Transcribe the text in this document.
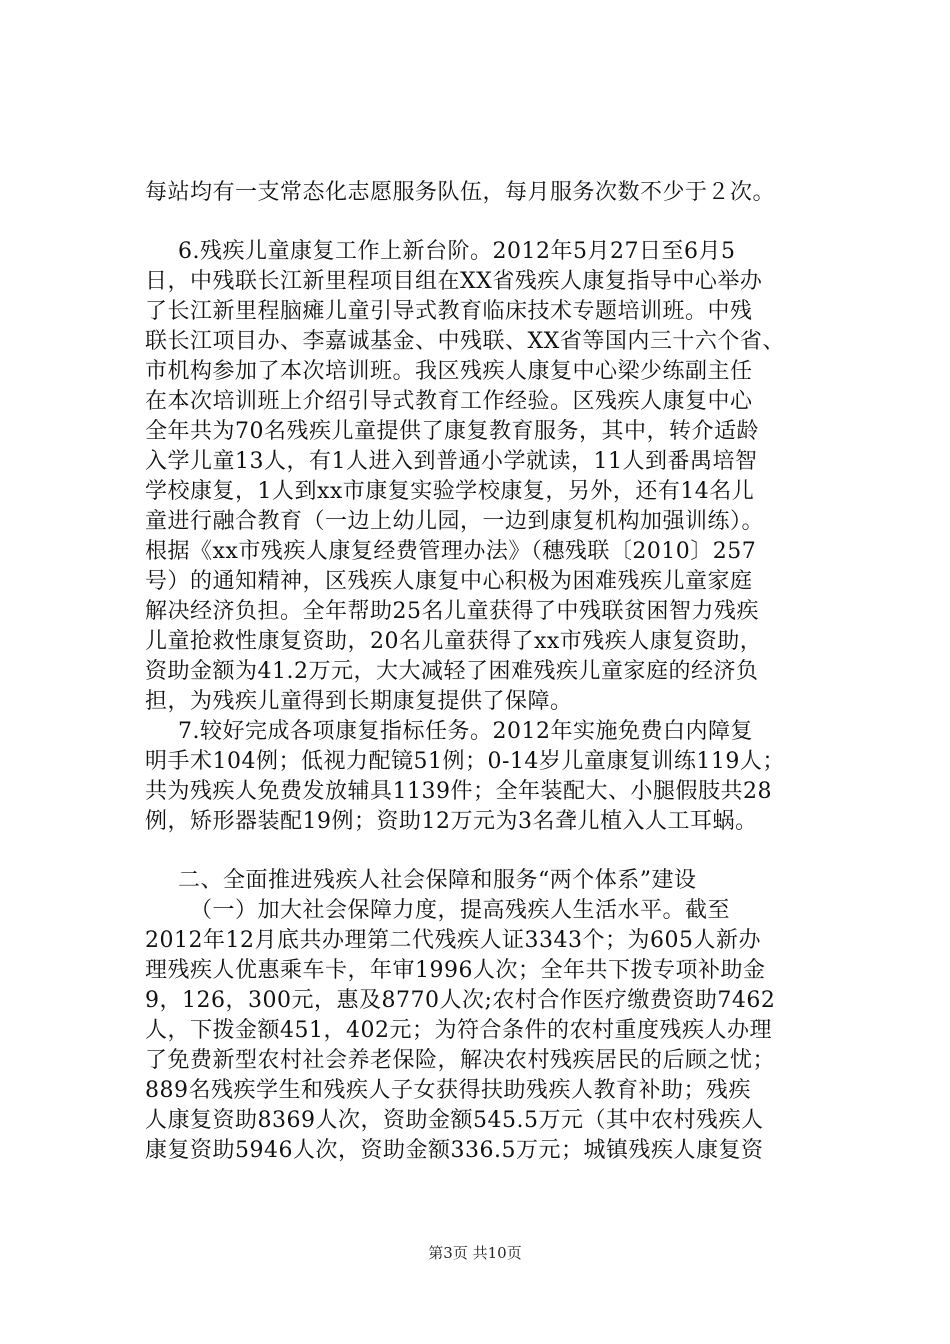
每站均有一支常态化志愿服务队伍，每月服务次数不少于２次。
6.残疾儿童康复工作上新台阶。2012年5月27日至6月5
日，中残联长江新里程项目组在XX省残疾人康复指导中心举办
了长江新里程脑瘫儿童引导式教育临床技术专题培训班。中残
联长江项目办、李嘉诚基金、中残联、XX省等国内三十六个省、
市机构参加了本次培训班。我区残疾人康复中心梁少练副主任
在本次培训班上介绍引导式教育工作经验。区残疾人康复中心
全年共为70名残疾儿童提供了康复教育服务，其中，转介适龄
入学儿童13人，有1人进入到普通小学就读，11人到番禺培智
学校康复，1人到xx市康复实验学校康复，另外，还有14名儿
童进行融合教育（一边上幼儿园，一边到康复机构加强训练）。
根据《xx市残疾人康复经费管理办法》（穗残联〔2010〕257
号）的通知精神，区残疾人康复中心积极为困难残疾儿童家庭
解决经济负担。全年帮助25名儿童获得了中残联贫困智力残疾
儿童抢救性康复资助，20名儿童获得了xx市残疾人康复资助，
资助金额为41.2万元，大大减轻了困难残疾儿童家庭的经济负
担，为残疾儿童得到长期康复提供了保障。
7.较好完成各项康复指标任务。2012年实施免费白内障复
明手术104例；低视力配镜51例；0-14岁儿童康复训练119人；
共为残疾人免费发放辅具1139件；全年装配大、小腿假肢共28
例，矫形器装配19例；资助12万元为3名聋儿植入人工耳蜗。
二、全面推进残疾人社会保障和服务“两个体系”建设
（一）加大社会保障力度，提高残疾人生活水平。截至
2012年12月底共办理第二代残疾人证3343个；为605人新办
理残疾人优惠乘车卡，年审1996人次；全年共下拨专项补助金
9，126，300元，惠及8770人次;农村合作医疗缴费资助7462
人，下拨金额451，402元；为符合条件的农村重度残疾人办理
了免费新型农村社会养老保险，解决农村残疾居民的后顾之忧；
889名残疾学生和残疾人子女获得扶助残疾人教育补助；残疾
人康复资助8369人次，资助金额545.5万元（其中农村残疾人
康复资助5946人次，资助金额336.5万元；城镇残疾人康复资
第3页 共10页
